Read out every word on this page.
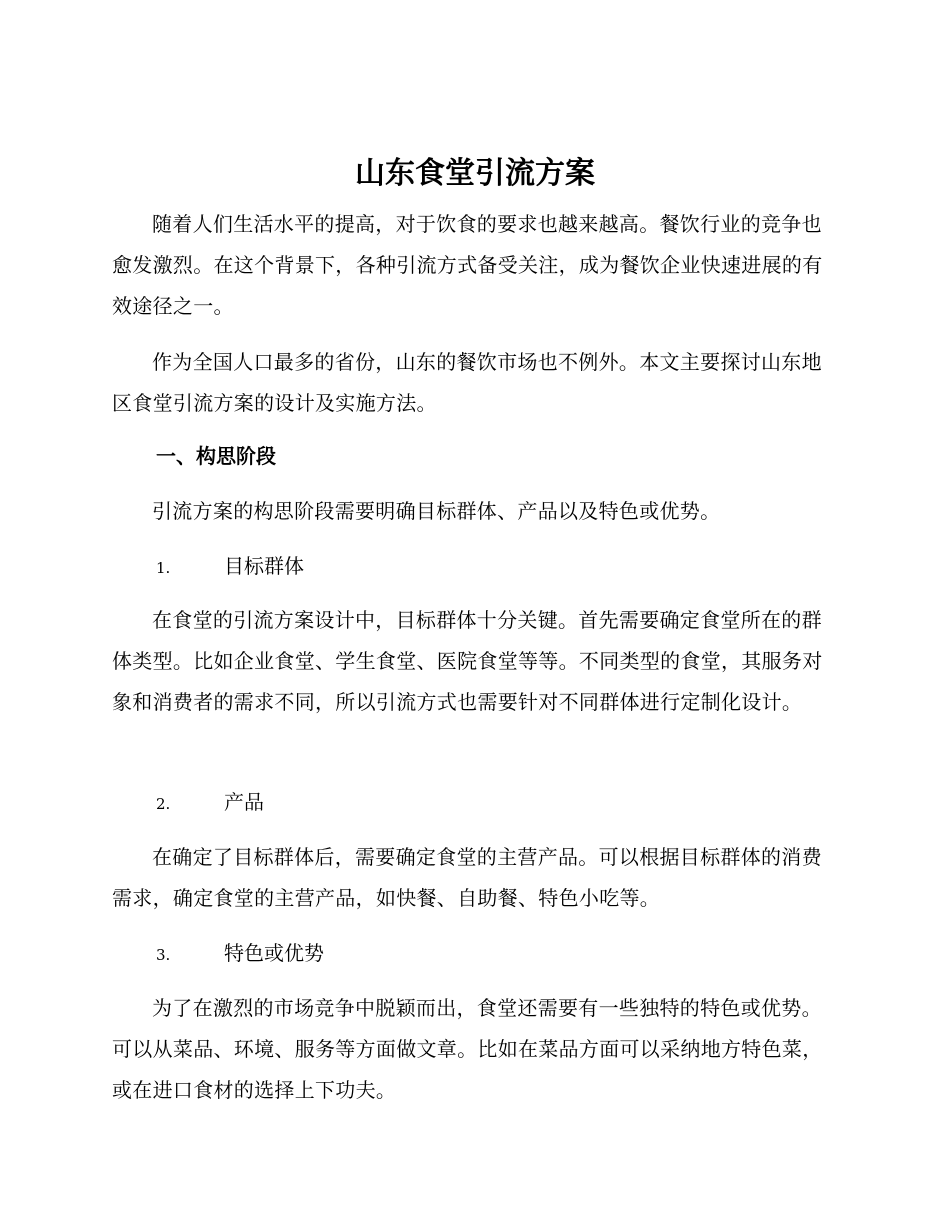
山东食堂引流方案

随着人们生活水平的提高，对于饮食的要求也越来越高。餐饮行业的竞争也愈发激烈。在这个背景下，各种引流方式备受关注，成为餐饮企业快速进展的有效途径之一。

作为全国人口最多的省份，山东的餐饮市场也不例外。本文主要探讨山东地区食堂引流方案的设计及实施方法。

一、构思阶段

引流方案的构思阶段需要明确目标群体、产品以及特色或优势。

1.	目标群体

在食堂的引流方案设计中，目标群体十分关键。首先需要确定食堂所在的群体类型。比如企业食堂、学生食堂、医院食堂等等。不同类型的食堂，其服务对象和消费者的需求不同，所以引流方式也需要针对不同群体进行定制化设计。

2.	产品

在确定了目标群体后，需要确定食堂的主营产品。可以根据目标群体的消费需求，确定食堂的主营产品，如快餐、自助餐、特色小吃等。

3.	特色或优势

为了在激烈的市场竞争中脱颖而出，食堂还需要有一些独特的特色或优势。可以从菜品、环境、服务等方面做文章。比如在菜品方面可以采纳地方特色菜，或在进口食材的选择上下功夫。
